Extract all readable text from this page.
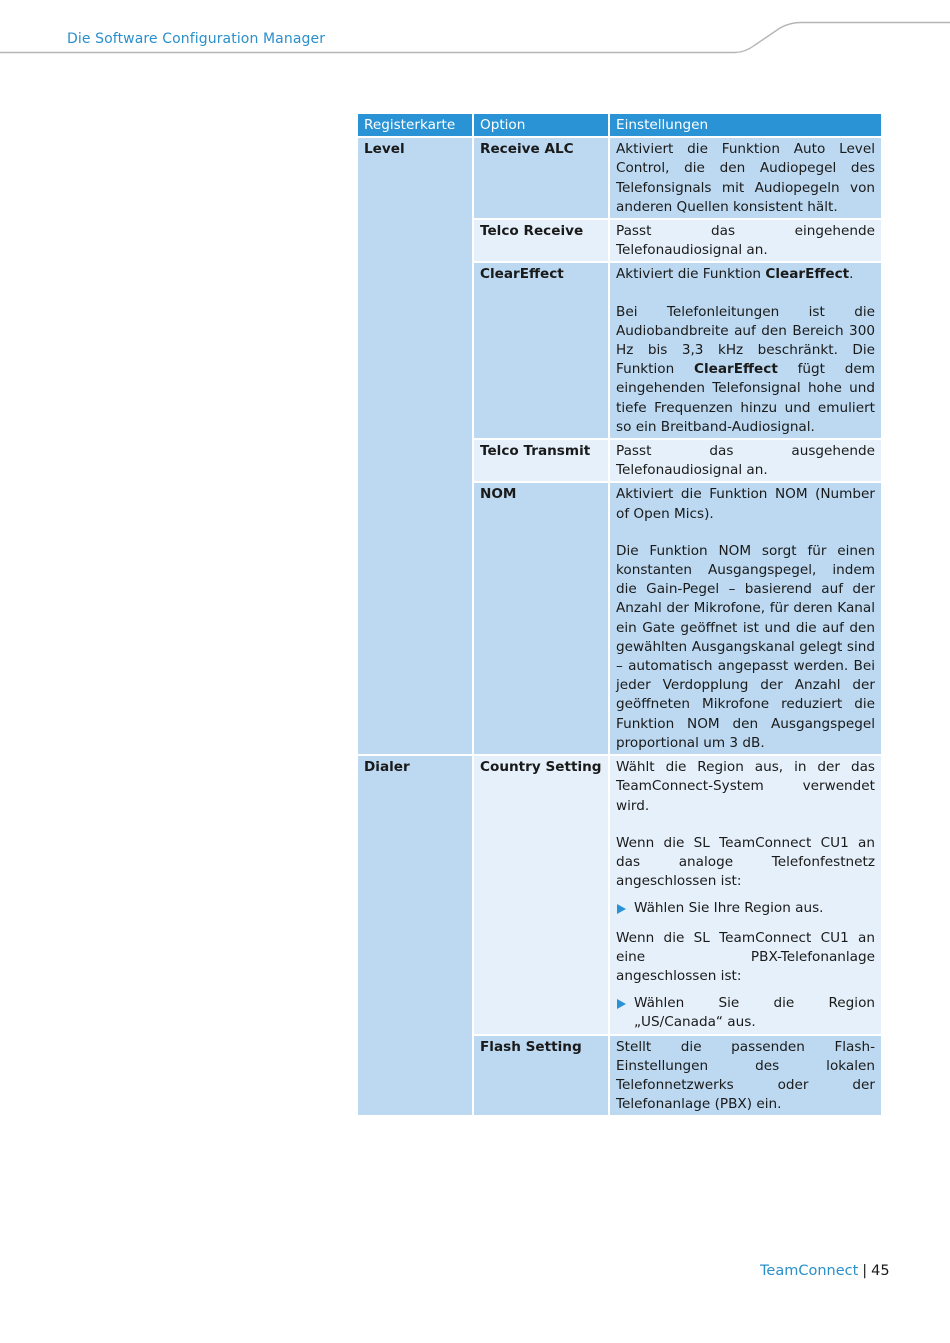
Die Software Configuration Manager
Registerkarte	Option	Einstellungen
Level	Receive ALC	Aktiviert die Funktion Auto Level Control, die den Audiopegel des Telefonsignals mit Audiopegeln von anderen Quellen konsistent hält.

	Telco Receive	Passt das eingehende Telefonaudiosignal an.

	ClearEffect	Aktiviert die Funktion ClearEffect.

Bei Telefonleitungen ist die Audiobandbreite auf den Bereich 300 Hz bis 3,3 kHz beschränkt. Die Funktion ClearEffect fügt dem eingehenden Telefonsignal hohe und tiefe Frequenzen hinzu und emuliert so ein Breitband-Audiosignal.

	Telco Transmit	Passt das ausgehende Telefonaudiosignal an.

	NOM	Aktiviert die Funktion NOM (Number of Open Mics).

Die Funktion NOM sorgt für einen konstanten Ausgangspegel, indem die Gain-Pegel – basierend auf der Anzahl der Mikrofone, für deren Kanal ein Gate geöffnet ist und die auf den gewählten Ausgangskanal gelegt sind – automatisch angepasst werden. Bei jeder Verdopplung der Anzahl der geöffneten Mikrofone reduziert die Funktion NOM den Ausgangspegel proportional um 3 dB.

Dialer	Country Setting	Wählt die Region aus, in der das TeamConnect-System verwendet wird.

Wenn die SL TeamConnect CU1 an das analoge Telefonfestnetz angeschlossen ist:

Wählen Sie Ihre Region aus.

Wenn die SL TeamConnect CU1 an eine PBX-Telefonanlage angeschlossen ist:

Wählen Sie die Region „US/Canada“ aus.

	Flash Setting	Stellt die passenden Flash-Einstellungen des lokalen Telefonnetzwerks oder der Telefonanlage (PBX) ein.

TeamConnect | 45
